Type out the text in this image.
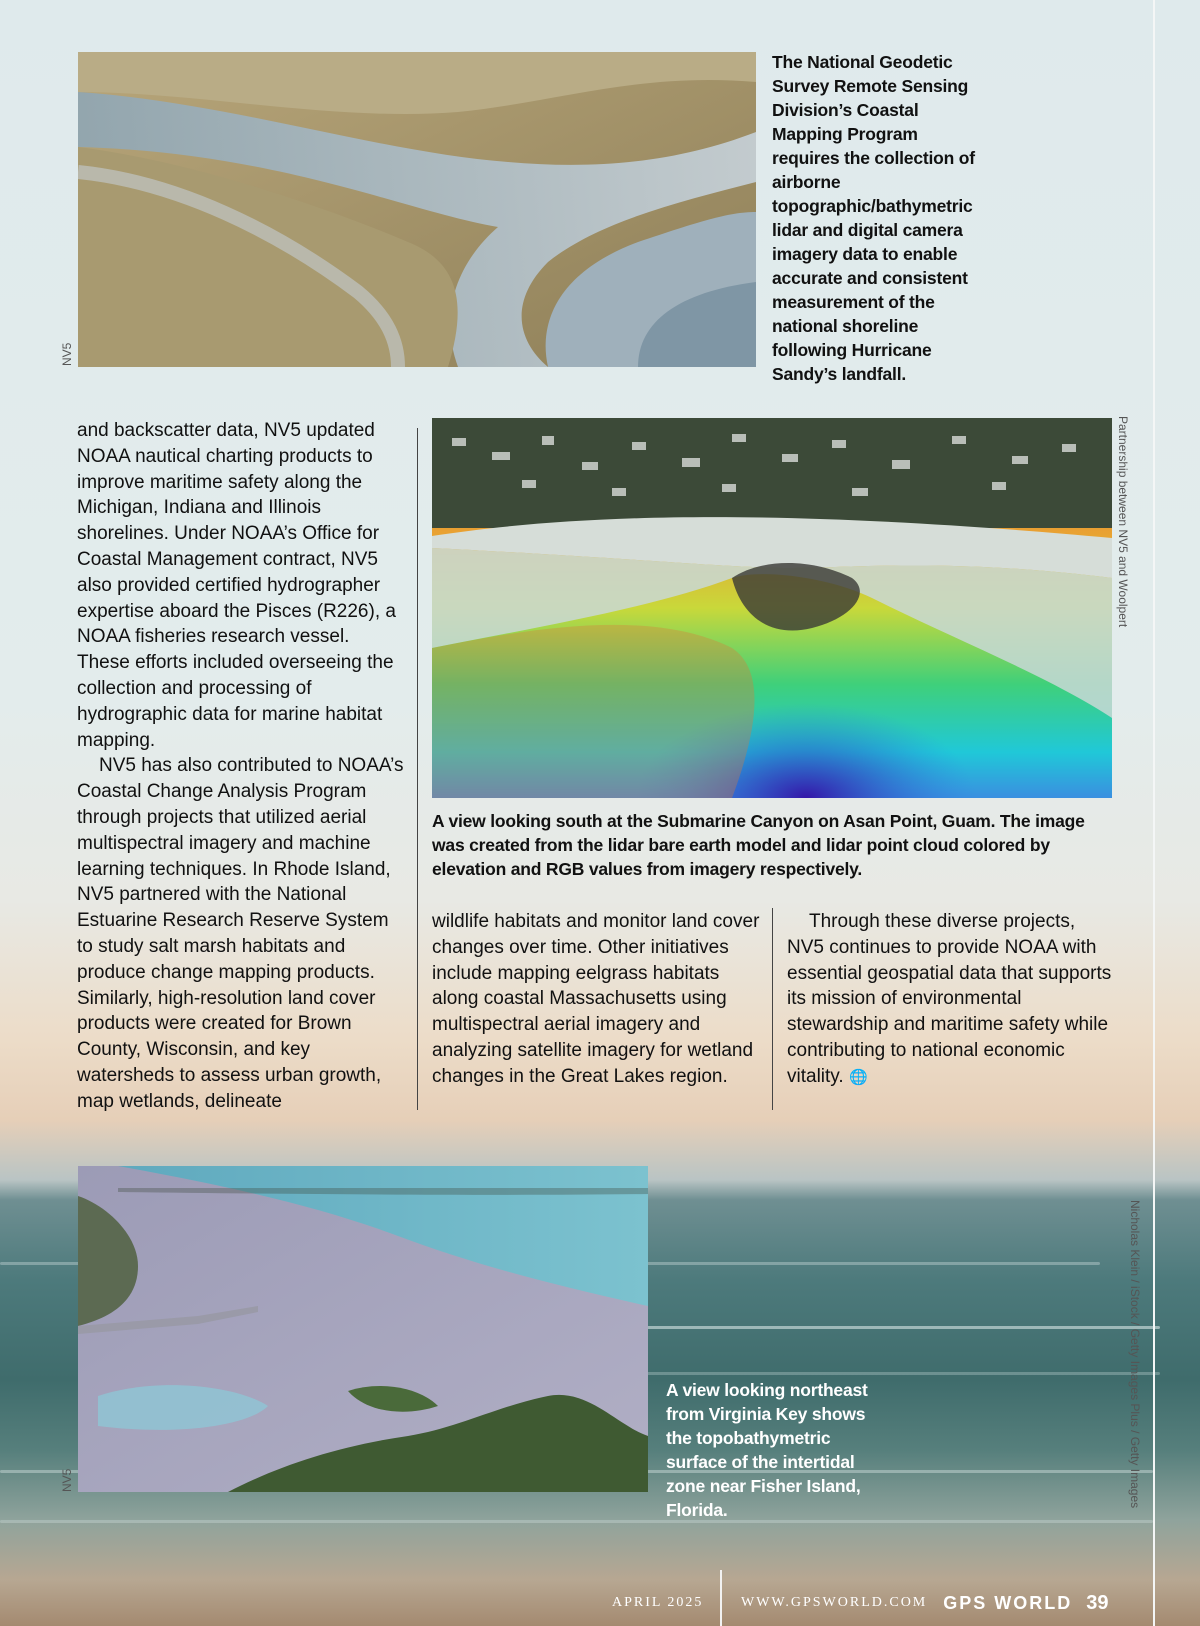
NV5
The National Geodetic Survey Remote Sensing Division’s Coastal Mapping Program requires the collection of airborne topographic/bathymetric lidar and digital camera imagery data to enable accurate and consistent measurement of the national shoreline following Hurricane Sandy’s landfall.
Partnership between NV5 and Woolpert
A view looking south at the Submarine Canyon on Asan Point, Guam. The image was created from the lidar bare earth model and lidar point cloud colored by elevation and RGB values from imagery respectively.

and backscatter data, NV5 updated NOAA nautical charting products to improve maritime safety along the Michigan, Indiana and Illinois shorelines. Under NOAA’s Office for Coastal Management contract, NV5 also provided certified hydrographer expertise aboard the Pisces (R226), a NOAA fisheries research vessel. These efforts included overseeing the collection and processing of hydrographic data for marine habitat mapping.

NV5 has also contributed to NOAA’s Coastal Change Analysis Program through projects that utilized aerial multispectral imagery and machine learning techniques. In Rhode Island, NV5 partnered with the National Estuarine Research Reserve System to study salt marsh habitats and produce change mapping products. Similarly, high-resolution land cover products were created for Brown County, Wisconsin, and key watersheds to assess urban growth, map wetlands, delineate

wildlife habitats and monitor land cover changes over time. Other initiatives include mapping eelgrass habitats along coastal Massachusetts using multispectral aerial imagery and analyzing satellite imagery for wetland changes in the Great Lakes region.

Through these diverse projects, NV5 continues to provide NOAA with essential geospatial data that supports its mission of environmental stewardship and maritime safety while contributing to national economic vitality. 🌐

NV5
A view looking northeast from Virginia Key shows the topobathymetric surface of the intertidal zone near Fisher Island, Florida.
Nicholas Klein / iStock / Getty Images Plus / Getty Images
APRIL 2025	WWW.GPSWORLD.COM GPS WORLD 39
